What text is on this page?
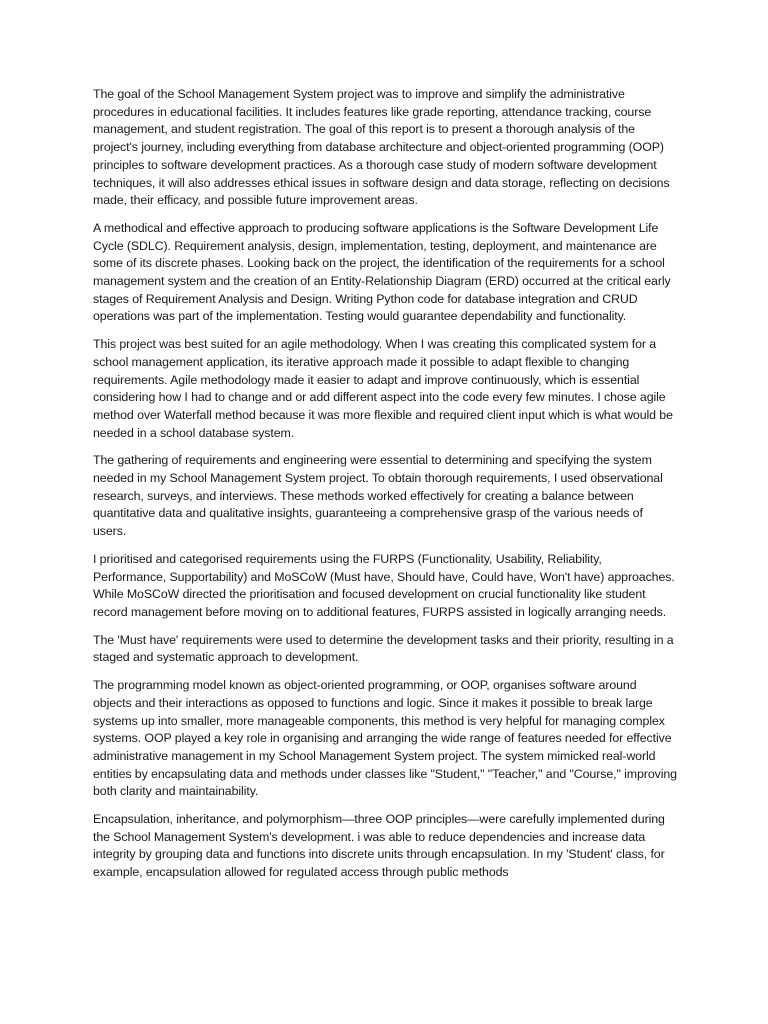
The goal of the School Management System project was to improve and simplify the administrative procedures in educational facilities. It includes features like grade reporting, attendance tracking, course management, and student registration. The goal of this report is to present a thorough analysis of the project's journey, including everything from database architecture and object-oriented programming (OOP) principles to software development practices. As a thorough case study of modern software development techniques, it will also addresses ethical issues in software design and data storage, reflecting on decisions made, their efficacy, and possible future improvement areas.

A methodical and effective approach to producing software applications is the Software Development Life Cycle (SDLC). Requirement analysis, design, implementation, testing, deployment, and maintenance are some of its discrete phases. Looking back on the project, the identification of the requirements for a school management system and the creation of an Entity-Relationship Diagram (ERD) occurred at the critical early stages of Requirement Analysis and Design. Writing Python code for database integration and CRUD operations was part of the implementation. Testing would guarantee dependability and functionality.

This project was best suited for an agile methodology. When I was creating this complicated system for a school management application, its iterative approach made it possible to adapt flexible to changing requirements. Agile methodology made it easier to adapt and improve continuously, which is essential considering how I had to change and or add different aspect into the code every few minutes. I chose agile method over Waterfall method because it was more flexible and required client input which is what would be needed in a school database system.

The gathering of requirements and engineering were essential to determining and specifying the system needed in my School Management System project. To obtain thorough requirements, I used observational research, surveys, and interviews. These methods worked effectively for creating a balance between quantitative data and qualitative insights, guaranteeing a comprehensive grasp of the various needs of users.

I prioritised and categorised requirements using the FURPS (Functionality, Usability, Reliability, Performance, Supportability) and MoSCoW (Must have, Should have, Could have, Won't have) approaches. While MoSCoW directed the prioritisation and focused development on crucial functionality like student record management before moving on to additional features, FURPS assisted in logically arranging needs.

The 'Must have' requirements were used to determine the development tasks and their priority, resulting in a staged and systematic approach to development.

The programming model known as object-oriented programming, or OOP, organises software around objects and their interactions as opposed to functions and logic. Since it makes it possible to break large systems up into smaller, more manageable components, this method is very helpful for managing complex systems. OOP played a key role in organising and arranging the wide range of features needed for effective administrative management in my School Management System project. The system mimicked real-world entities by encapsulating data and methods under classes like "Student," "Teacher," and "Course," improving both clarity and maintainability.

Encapsulation, inheritance, and polymorphism—three OOP principles—were carefully implemented during the School Management System's development. i was able to reduce dependencies and increase data integrity by grouping data and functions into discrete units through encapsulation. In my 'Student' class, for example, encapsulation allowed for regulated access through public methods
